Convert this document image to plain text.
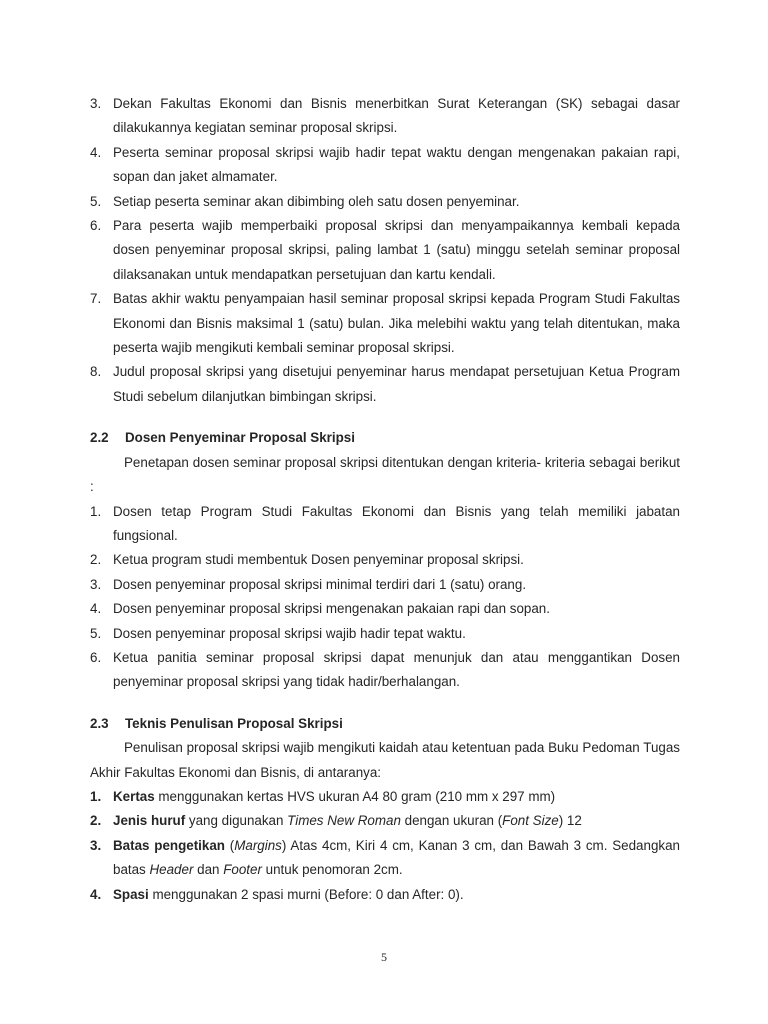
3. Dekan Fakultas Ekonomi dan Bisnis menerbitkan Surat Keterangan (SK) sebagai dasar dilakukannya kegiatan seminar proposal skripsi.
4. Peserta seminar proposal skripsi wajib hadir tepat waktu dengan mengenakan pakaian rapi, sopan dan jaket almamater.
5. Setiap peserta seminar akan dibimbing oleh satu dosen penyeminar.
6. Para peserta wajib memperbaiki proposal skripsi dan menyampaikannya kembali kepada dosen penyeminar proposal skripsi, paling lambat 1 (satu) minggu setelah seminar proposal dilaksanakan untuk mendapatkan persetujuan dan kartu kendali.
7. Batas akhir waktu penyampaian hasil seminar proposal skripsi kepada Program Studi Fakultas Ekonomi dan Bisnis maksimal 1 (satu) bulan. Jika melebihi waktu yang telah ditentukan, maka peserta wajib mengikuti kembali seminar proposal skripsi.
8. Judul proposal skripsi yang disetujui penyeminar harus mendapat persetujuan Ketua Program Studi sebelum dilanjutkan bimbingan skripsi.
2.2	Dosen Penyeminar Proposal Skripsi
Penetapan dosen seminar proposal skripsi ditentukan dengan kriteria- kriteria sebagai berikut :
1. Dosen tetap Program Studi Fakultas Ekonomi dan Bisnis yang telah memiliki jabatan fungsional.
2. Ketua program studi membentuk Dosen penyeminar proposal skripsi.
3. Dosen penyeminar proposal skripsi minimal terdiri dari 1 (satu) orang.
4. Dosen penyeminar proposal skripsi mengenakan pakaian rapi dan sopan.
5. Dosen penyeminar proposal skripsi wajib hadir tepat waktu.
6. Ketua panitia seminar proposal skripsi dapat menunjuk dan atau menggantikan Dosen penyeminar proposal skripsi yang tidak hadir/berhalangan.
2.3	Teknis Penulisan Proposal Skripsi
Penulisan proposal skripsi wajib mengikuti kaidah atau ketentuan pada Buku Pedoman Tugas Akhir Fakultas Ekonomi dan Bisnis, di antaranya:
1. Kertas menggunakan kertas HVS ukuran A4 80 gram (210 mm x 297 mm)
2. Jenis huruf yang digunakan Times New Roman dengan ukuran (Font Size) 12
3. Batas pengetikan (Margins) Atas 4cm, Kiri 4 cm, Kanan 3 cm, dan Bawah 3 cm. Sedangkan batas Header dan Footer untuk penomoran 2cm.
4. Spasi menggunakan 2 spasi murni (Before: 0 dan After: 0).
5
